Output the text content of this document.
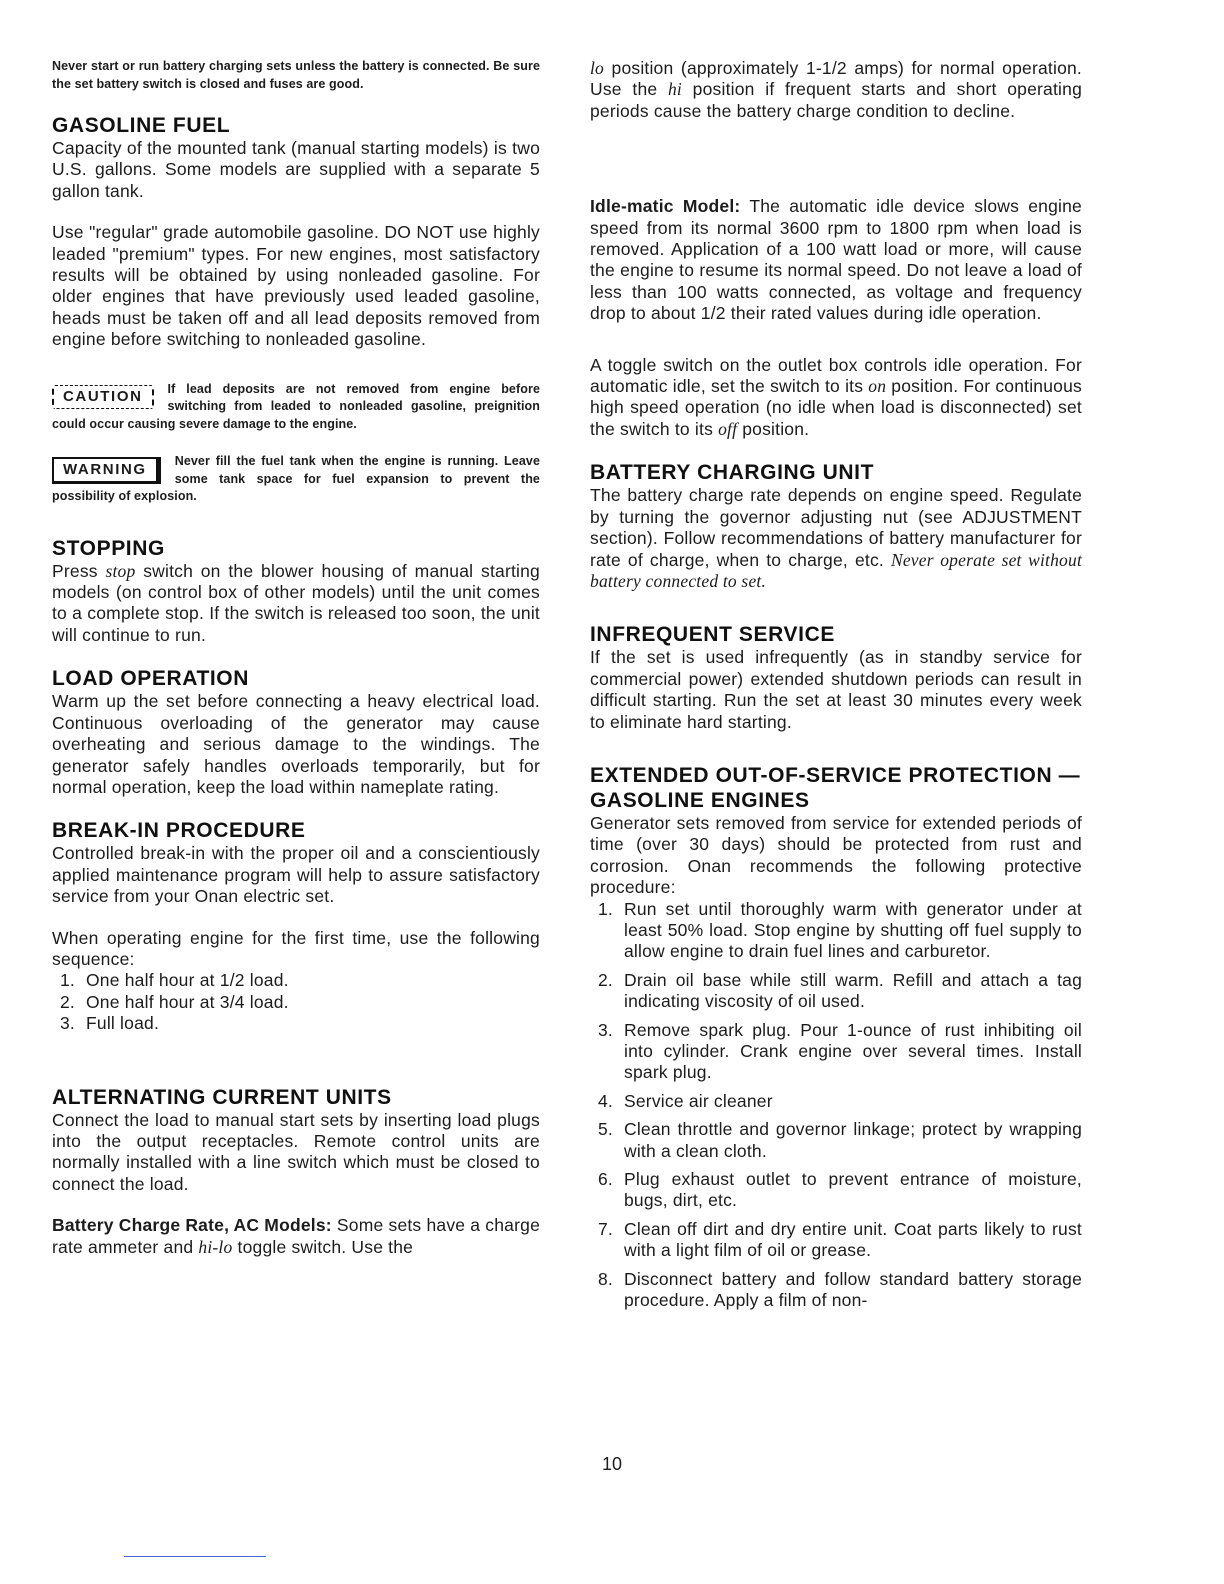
Never start or run battery charging sets unless the battery is connected. Be sure the set battery switch is closed and fuses are good.

GASOLINE FUEL

Capacity of the mounted tank (manual starting models) is two U.S. gallons. Some models are supplied with a separate 5 gallon tank.

Use "regular" grade automobile gasoline. DO NOT use highly leaded "premium" types. For new engines, most satisfactory results will be obtained by using nonleaded gasoline. For older engines that have previously used leaded gasoline, heads must be taken off and all lead deposits removed from engine before switching to nonleaded gasoline.

CAUTION	If lead deposits are not removed from engine before switching from leaded to nonleaded gasoline, preignition could occur causing severe damage to the engine.

WARNING	Never fill the fuel tank when the engine is running. Leave some tank space for fuel expansion to prevent the possibility of explosion.

STOPPING

Press stop switch on the blower housing of manual starting models (on control box of other models) until the unit comes to a complete stop. If the switch is released too soon, the unit will continue to run.

LOAD OPERATION

Warm up the set before connecting a heavy electrical load. Continuous overloading of the generator may cause overheating and serious damage to the windings. The generator safely handles overloads temporarily, but for normal operation, keep the load within nameplate rating.

BREAK-IN PROCEDURE

Controlled break-in with the proper oil and a conscientiously applied maintenance program will help to assure satisfactory service from your Onan electric set.

When operating engine for the first time, use the following sequence:

1. One half hour at 1/2 load.
2. One half hour at 3/4 load.
3. Full load.
ALTERNATING CURRENT UNITS

Connect the load to manual start sets by inserting load plugs into the output receptacles. Remote control units are normally installed with a line switch which must be closed to connect the load.

Battery Charge Rate, AC Models: Some sets have a charge rate ammeter and hi-lo toggle switch. Use the

lo position (approximately 1-1/2 amps) for normal operation. Use the hi position if frequent starts and short operating periods cause the battery charge condition to decline.

Idle-matic Model: The automatic idle device slows engine speed from its normal 3600 rpm to 1800 rpm when load is removed. Application of a 100 watt load or more, will cause the engine to resume its normal speed. Do not leave a load of less than 100 watts connected, as voltage and frequency drop to about 1/2 their rated values during idle operation.

A toggle switch on the outlet box controls idle operation. For automatic idle, set the switch to its on position. For continuous high speed operation (no idle when load is disconnected) set the switch to its off position.

BATTERY CHARGING UNIT

The battery charge rate depends on engine speed. Regulate by turning the governor adjusting nut (see ADJUSTMENT section). Follow recommendations of battery manufacturer for rate of charge, when to charge, etc. Never operate set without battery connected to set.

INFREQUENT SERVICE

If the set is used infrequently (as in standby service for commercial power) extended shutdown periods can result in difficult starting. Run the set at least 30 minutes every week to eliminate hard starting.

EXTENDED OUT-OF-SERVICE PROTECTION — GASOLINE ENGINES

Generator sets removed from service for extended periods of time (over 30 days) should be protected from rust and corrosion. Onan recommends the following protective procedure:

1. Run set until thoroughly warm with generator under at least 50% load. Stop engine by shutting off fuel supply to allow engine to drain fuel lines and carburetor.
2. Drain oil base while still warm. Refill and attach a tag indicating viscosity of oil used.
3. Remove spark plug. Pour 1-ounce of rust inhibiting oil into cylinder. Crank engine over several times. Install spark plug.
4. Service air cleaner
5. Clean throttle and governor linkage; protect by wrapping with a clean cloth.
6. Plug exhaust outlet to prevent entrance of moisture, bugs, dirt, etc.
7. Clean off dirt and dry entire unit. Coat parts likely to rust with a light film of oil or grease.
8. Disconnect battery and follow standard battery storage procedure. Apply a film of non-
10
